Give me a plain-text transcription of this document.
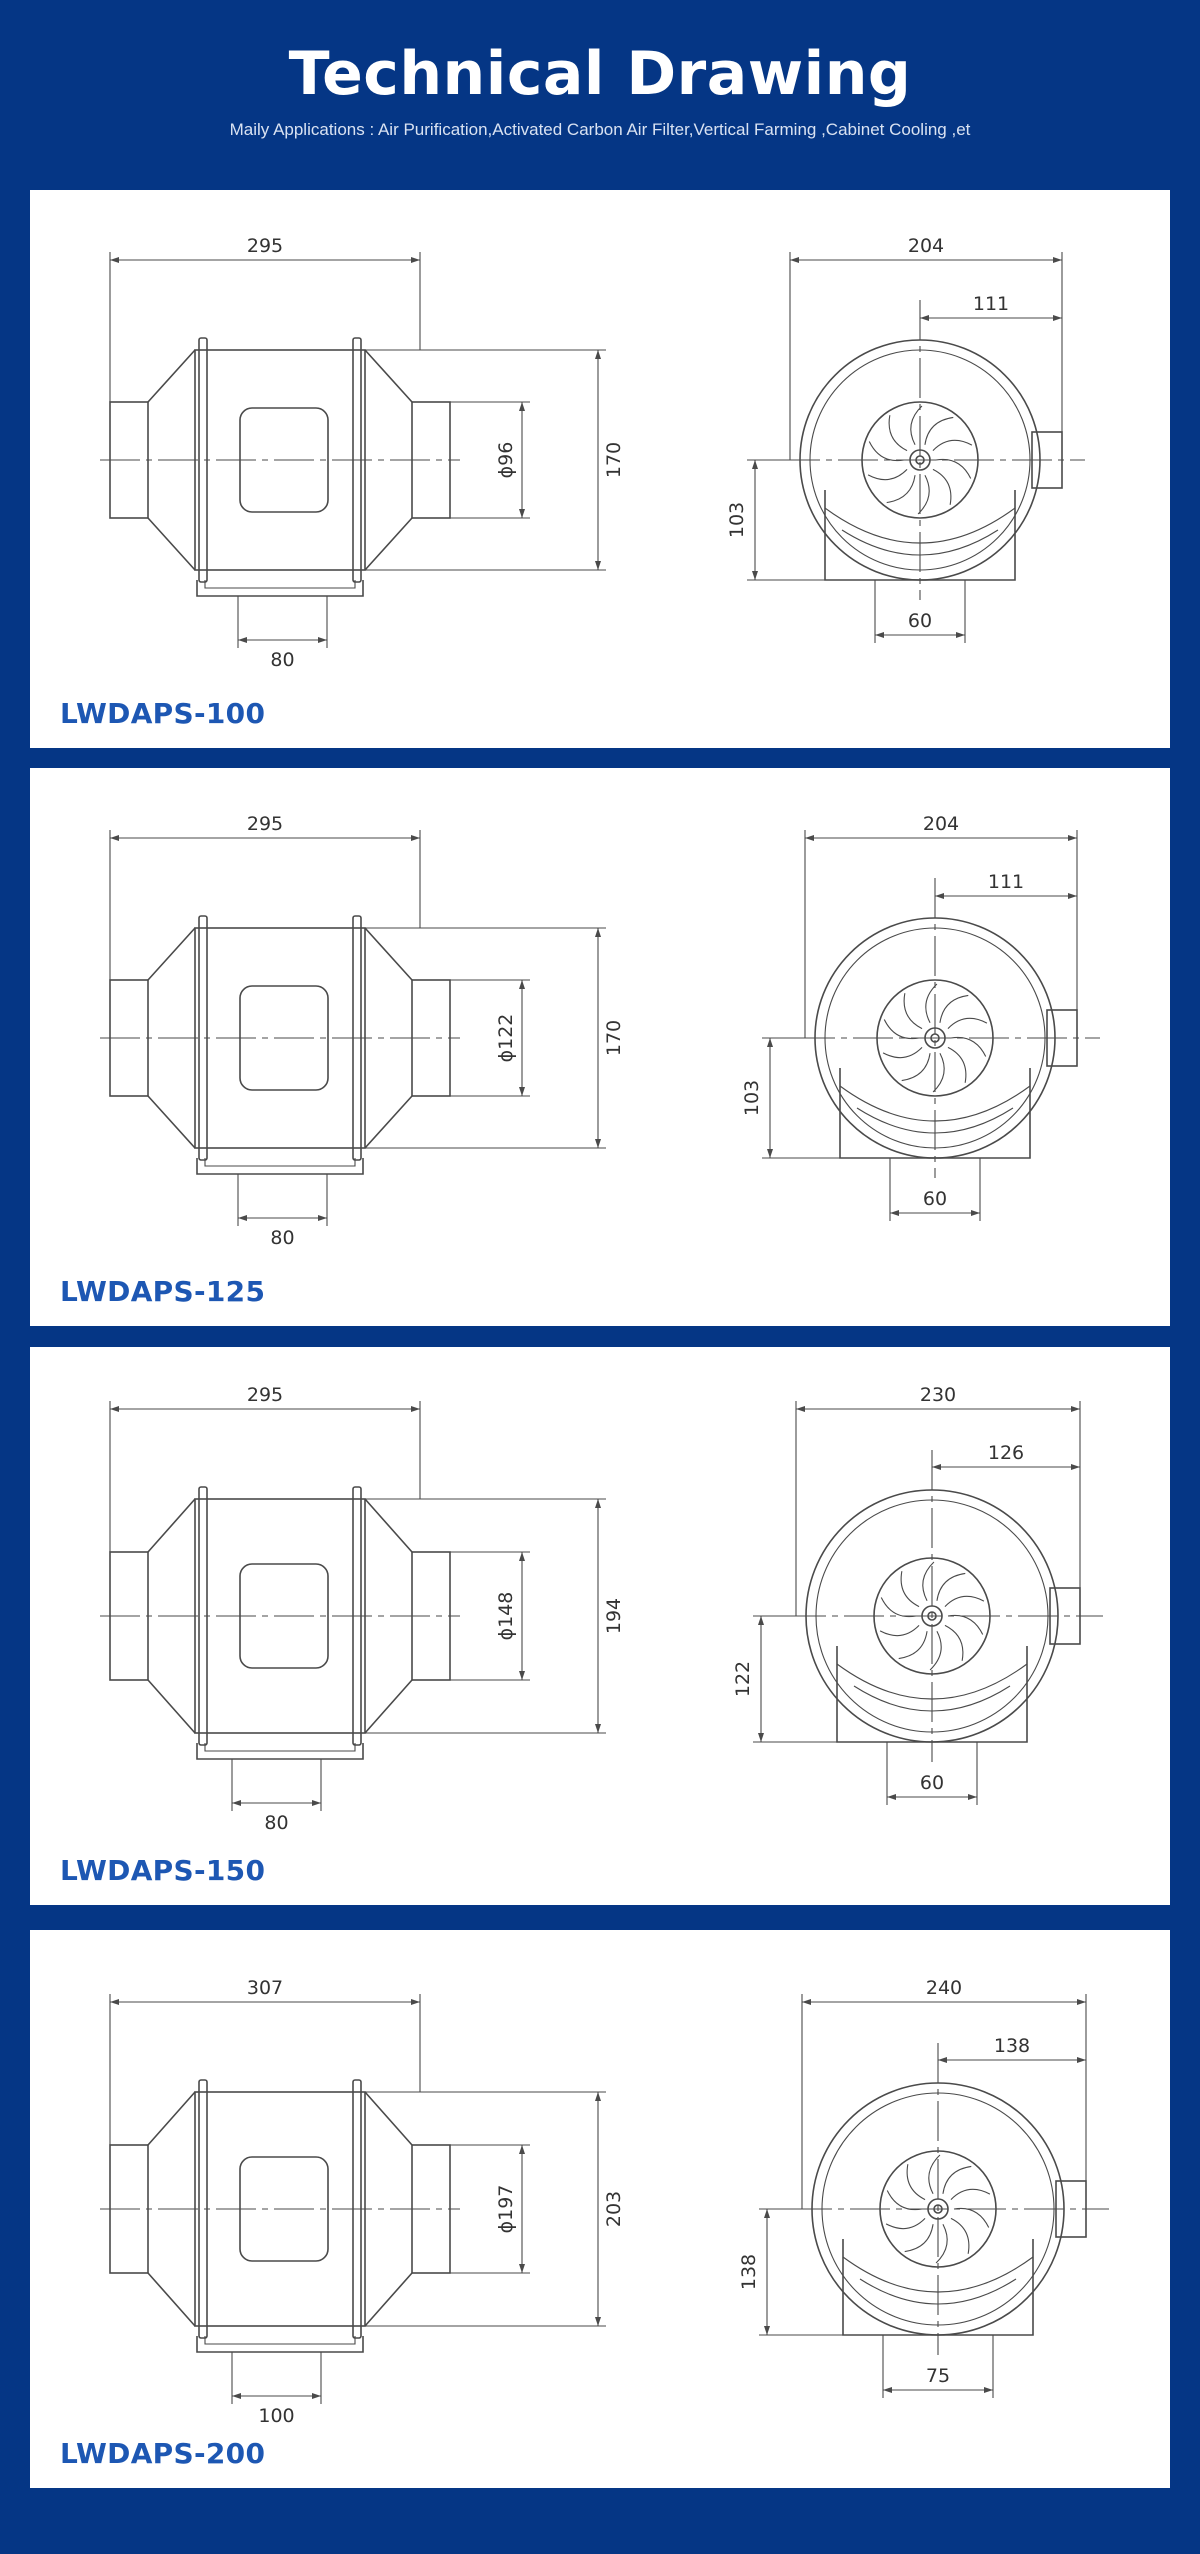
Technical Drawing
Maily Applications : Air Purification,Activated Carbon Air Filter,Vertical Farming ,Cabinet Cooling ,et
295
170
ϕ96
80
204
111
103
60
LWDAPS-100
295
170
ϕ122
80
204
111
103
60
LWDAPS-125
295
194
ϕ148
80
230
126
122
60
LWDAPS-150
307
203
ϕ197
100
240
138
138
75
LWDAPS-200
